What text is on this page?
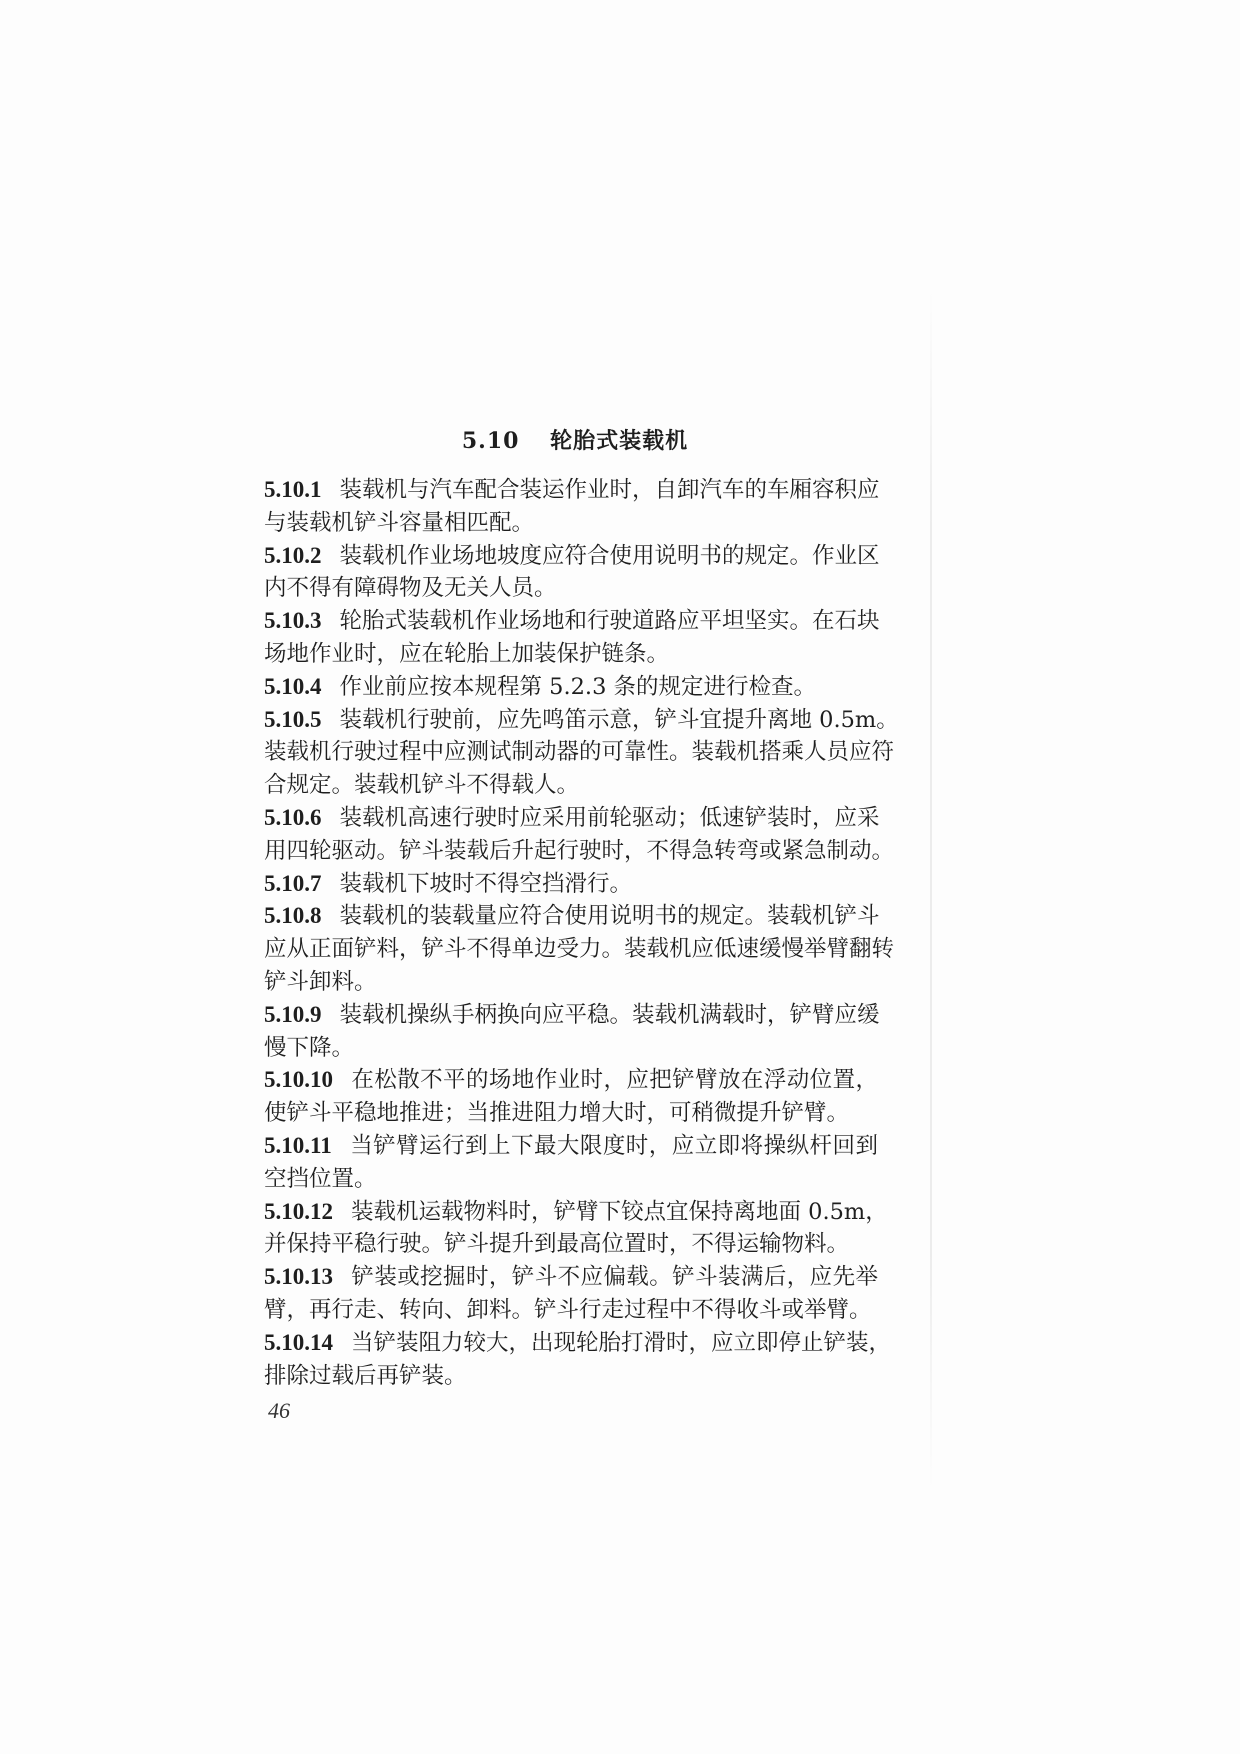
5.10 轮胎式装载机
5.10.1 装载机与汽车配合装运作业时，自卸汽车的车厢容积应
与装载机铲斗容量相匹配。
5.10.2 装载机作业场地坡度应符合使用说明书的规定。作业区
内不得有障碍物及无关人员。
5.10.3 轮胎式装载机作业场地和行驶道路应平坦坚实。在石块
场地作业时，应在轮胎上加装保护链条。
5.10.4 作业前应按本规程第 5.2.3 条的规定进行检查。
5.10.5 装载机行驶前，应先鸣笛示意，铲斗宜提升离地 0.5m。
装载机行驶过程中应测试制动器的可靠性。装载机搭乘人员应符
合规定。装载机铲斗不得载人。
5.10.6 装载机高速行驶时应采用前轮驱动；低速铲装时，应采
用四轮驱动。铲斗装载后升起行驶时，不得急转弯或紧急制动。
5.10.7 装载机下坡时不得空挡滑行。
5.10.8 装载机的装载量应符合使用说明书的规定。装载机铲斗
应从正面铲料，铲斗不得单边受力。装载机应低速缓慢举臂翻转
铲斗卸料。
5.10.9 装载机操纵手柄换向应平稳。装载机满载时，铲臂应缓
慢下降。
5.10.10 在松散不平的场地作业时，应把铲臂放在浮动位置，
使铲斗平稳地推进；当推进阻力增大时，可稍微提升铲臂。
5.10.11 当铲臂运行到上下最大限度时，应立即将操纵杆回到
空挡位置。
5.10.12 装载机运载物料时，铲臂下铰点宜保持离地面 0.5m，
并保持平稳行驶。铲斗提升到最高位置时，不得运输物料。
5.10.13 铲装或挖掘时，铲斗不应偏载。铲斗装满后，应先举
臂，再行走、转向、卸料。铲斗行走过程中不得收斗或举臂。
5.10.14 当铲装阻力较大，出现轮胎打滑时，应立即停止铲装，
排除过载后再铲装。
46
